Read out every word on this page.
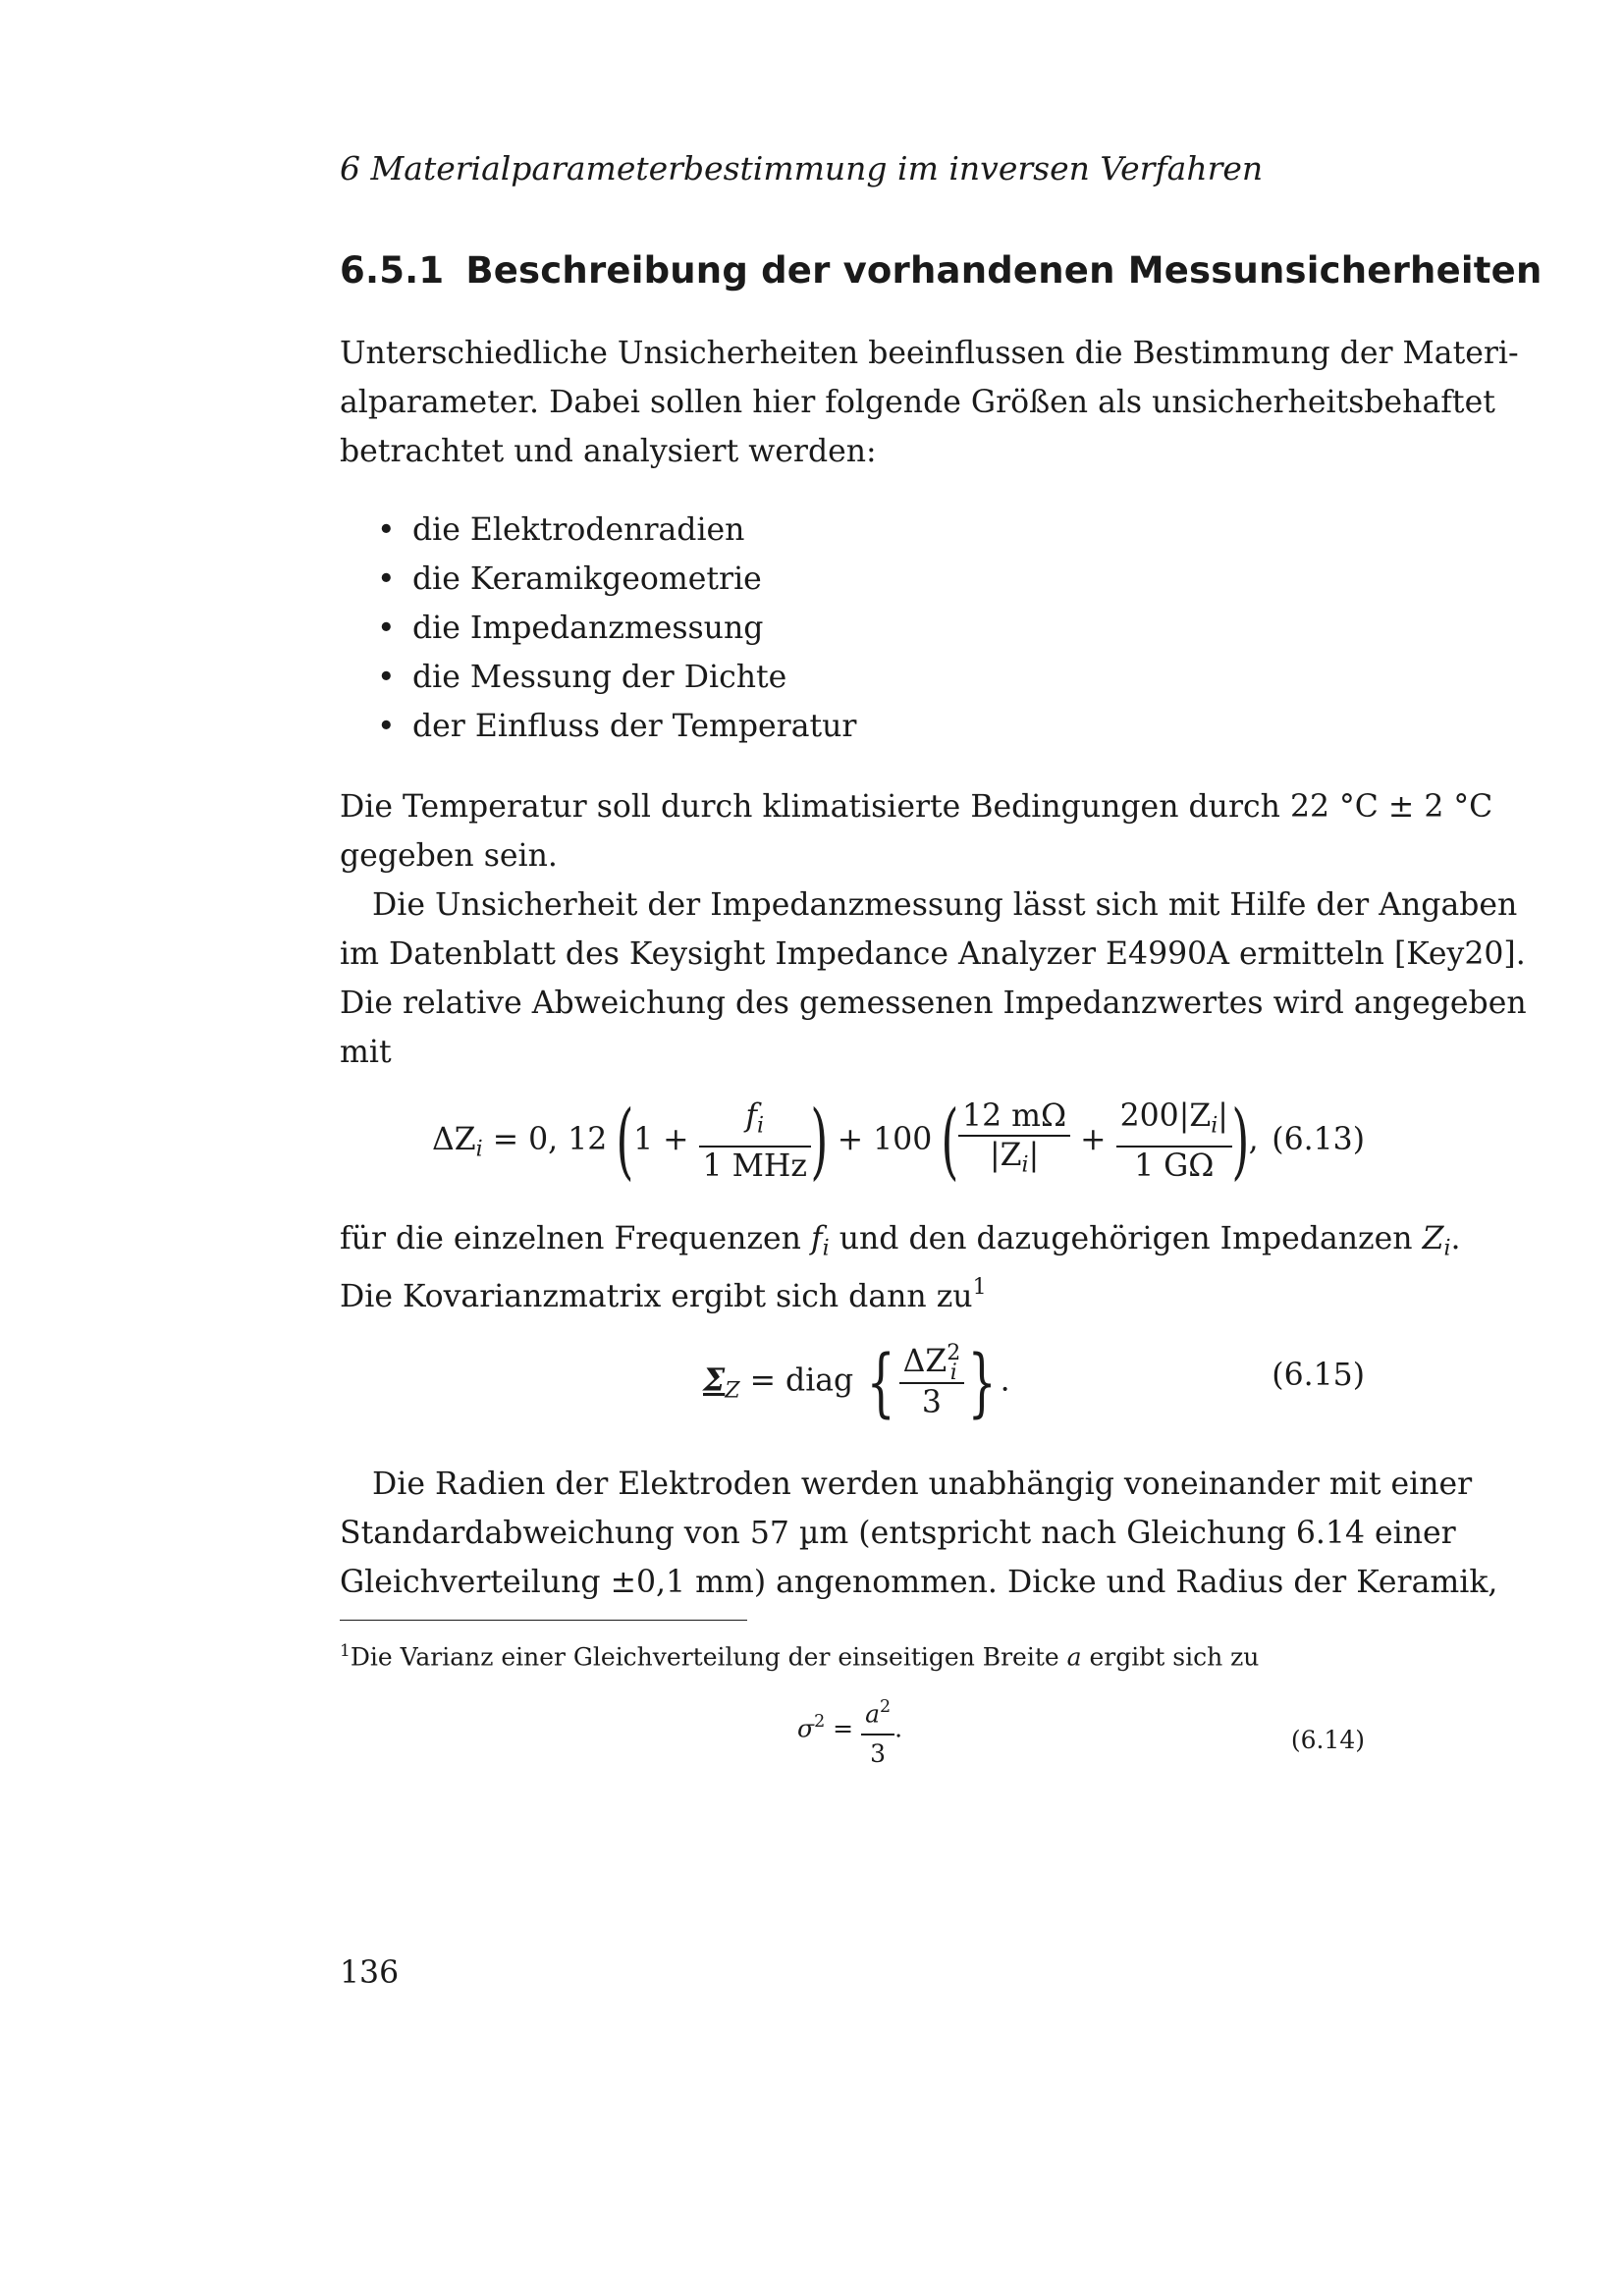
6 Materialparameterbestimmung im inversen Verfahren
6.5.1 Beschreibung der vorhandenen Messunsicherheiten
Unterschiedliche Unsicherheiten beeinflussen die Bestimmung der Materi-
alparameter. Dabei sollen hier folgende Größen als unsicherheitsbehaftet
betrachtet und analysiert werden:
• die Elektrodenradien
• die Keramikgeometrie
• die Impedanzmessung
• die Messung der Dichte
• der Einfluss der Temperatur
Die Temperatur soll durch klimatisierte Bedingungen durch 22 °C ± 2 °C
gegeben sein.
Die Unsicherheit der Impedanzmessung lässt sich mit Hilfe der Angaben
im Datenblatt des Keysight Impedance Analyzer E4990A ermitteln [Key20].
Die relative Abweichung des gemessenen Impedanzwertes wird angegeben
mit
$\Delta Z_i = 0$, 12 ($1 + \frac{f_i}{\text{1 MHz}}$ ) + 100 ( $\frac{12 m\Omega}{|Z_i|} + \frac{200|Z_i|}{1 G\Omega}$ ), (6.13)
für die einzelnen Frequenzen $f_i$ und den dazugehörigen Impedanzen $Z_i$.
Die Kovarianzmatrix ergibt sich dann $zu^1$
$\Sigma_Z$ = diag { ΔZ 2
i
3 } .	(6.15)
Die Radien der Elektroden werden unabhängig voneinander mit einer
Standardabweichung von 57 µm (entspricht nach Gleichung 6.14 einer
Gleichverteilung ±0,1 mm) angenommen. Dicke und Radius der Keramik,
$^1$Die Varianz einer Gleichverteilung der einseitigen Breite a ergibt sich zu
$\sigma^2 = \frac{a^2}{3}$ .	(6.14)
136
